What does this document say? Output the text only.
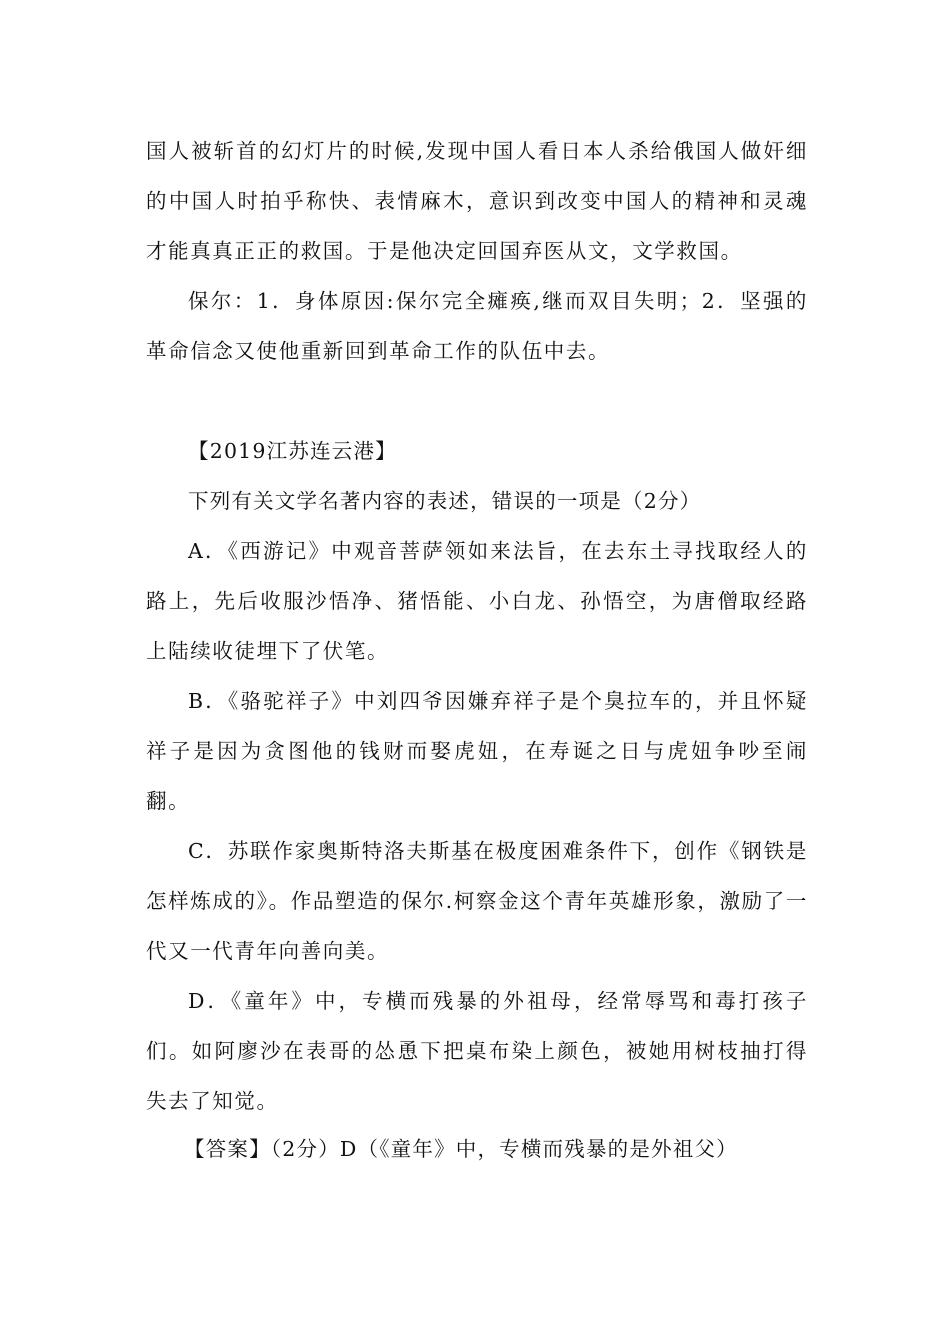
国人被斩首的幻灯片的时候,发现中国人看日本人杀给俄国人做奸细的中国人时拍乎称快、表情麻木，意识到改变中国人的精神和灵魂才能真真正正的救国。于是他决定回国弃医从文，文学救国。

保尔：1．身体原因:保尔完全瘫痪,继而双目失明；2．坚强的革命信念又使他重新回到革命工作的队伍中去。

【2019江苏连云港】

下列有关文学名著内容的表述，错误的一项是（2分）

A．《西游记》中观音菩萨领如来法旨，在去东土寻找取经人的路上，先后收服沙悟净、猪悟能、小白龙、孙悟空，为唐僧取经路上陆续收徒埋下了伏笔。

B．《骆驼祥子》中刘四爷因嫌弃祥子是个臭拉车的，并且怀疑祥子是因为贪图他的钱财而娶虎妞，在寿诞之日与虎妞争吵至闹翻。

C．苏联作家奥斯特洛夫斯基在极度困难条件下，创作《钢铁是怎样炼成的》。作品塑造的保尔.柯察金这个青年英雄形象，激励了一代又一代青年向善向美。

D．《童年》中，专横而残暴的外祖母，经常辱骂和毒打孩子们。如阿廖沙在表哥的怂恿下把桌布染上颜色，被她用树枝抽打得失去了知觉。

【答案】（2分）D（《童年》中，专横而残暴的是外祖父）
